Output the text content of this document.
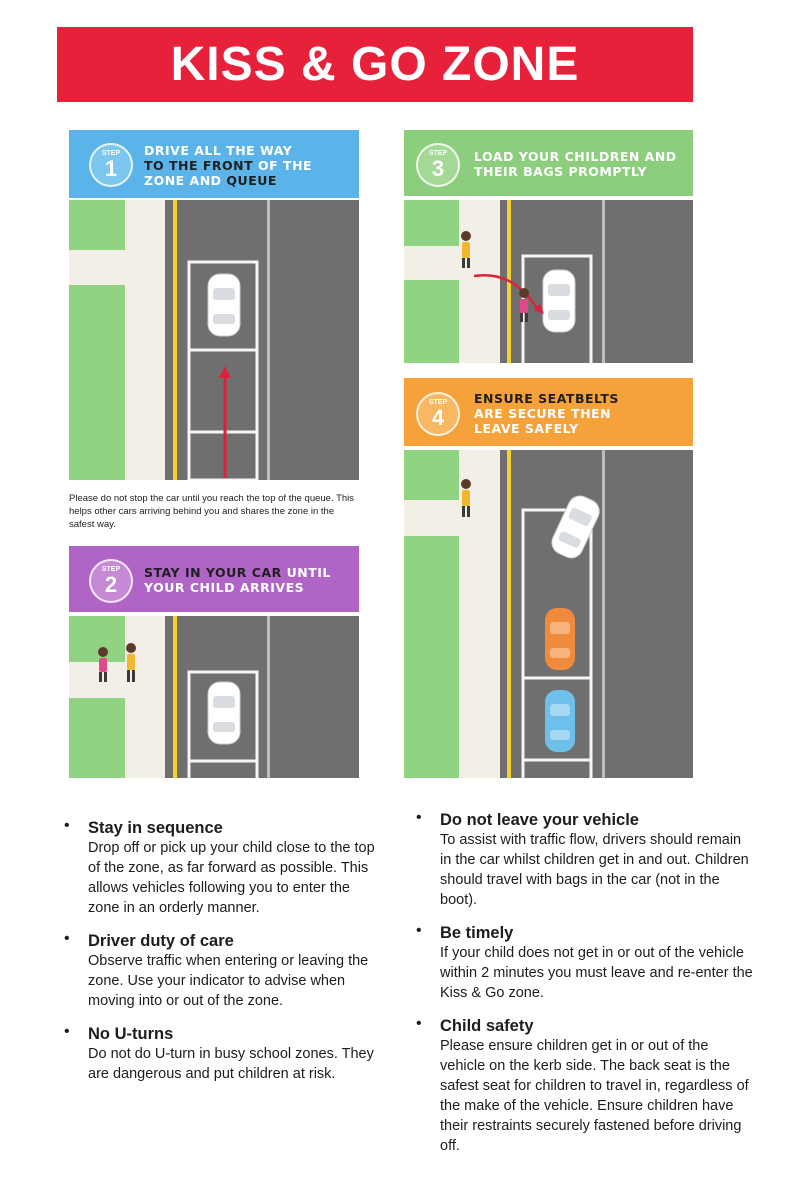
KISS & GO ZONE
STEP
1
DRIVE ALL THE WAY
TO THE FRONT OF THE
ZONE AND QUEUE
Please do not stop the car until you reach the top of the queue. This helps other cars arriving behind you and shares the zone in the safest way.
STEP
2 STAY IN YOUR CAR UNTIL
YOUR CHILD ARRIVES
STEP
3 LOAD YOUR CHILDREN AND
THEIR BAGS PROMPTLY
STEP
4
ENSURE SEATBELTS
ARE SECURE THEN
LEAVE SAFELY
• Stay in sequence
Drop off or pick up your child close to the top of the zone, as far forward as possible. This allows vehicles following you to enter the zone in an orderly manner.
• Driver duty of care
Observe traffic when entering or leaving the zone. Use your indicator to advise when moving into or out of the zone.
• No U-turns
Do not do U-turn in busy school zones. They are dangerous and put children at risk.
• Do not leave your vehicle
To assist with traffic flow, drivers should remain in the car whilst children get in and out. Children should travel with bags in the car (not in the boot).
• Be timely
If your child does not get in or out of the vehicle within 2 minutes you must leave and re-enter the Kiss & Go zone.
• Child safety
Please ensure children get in or out of the vehicle on the kerb side. The back seat is the safest seat for children to travel in, regardless of the make of the vehicle. Ensure children have their restraints securely fastened before driving off.
